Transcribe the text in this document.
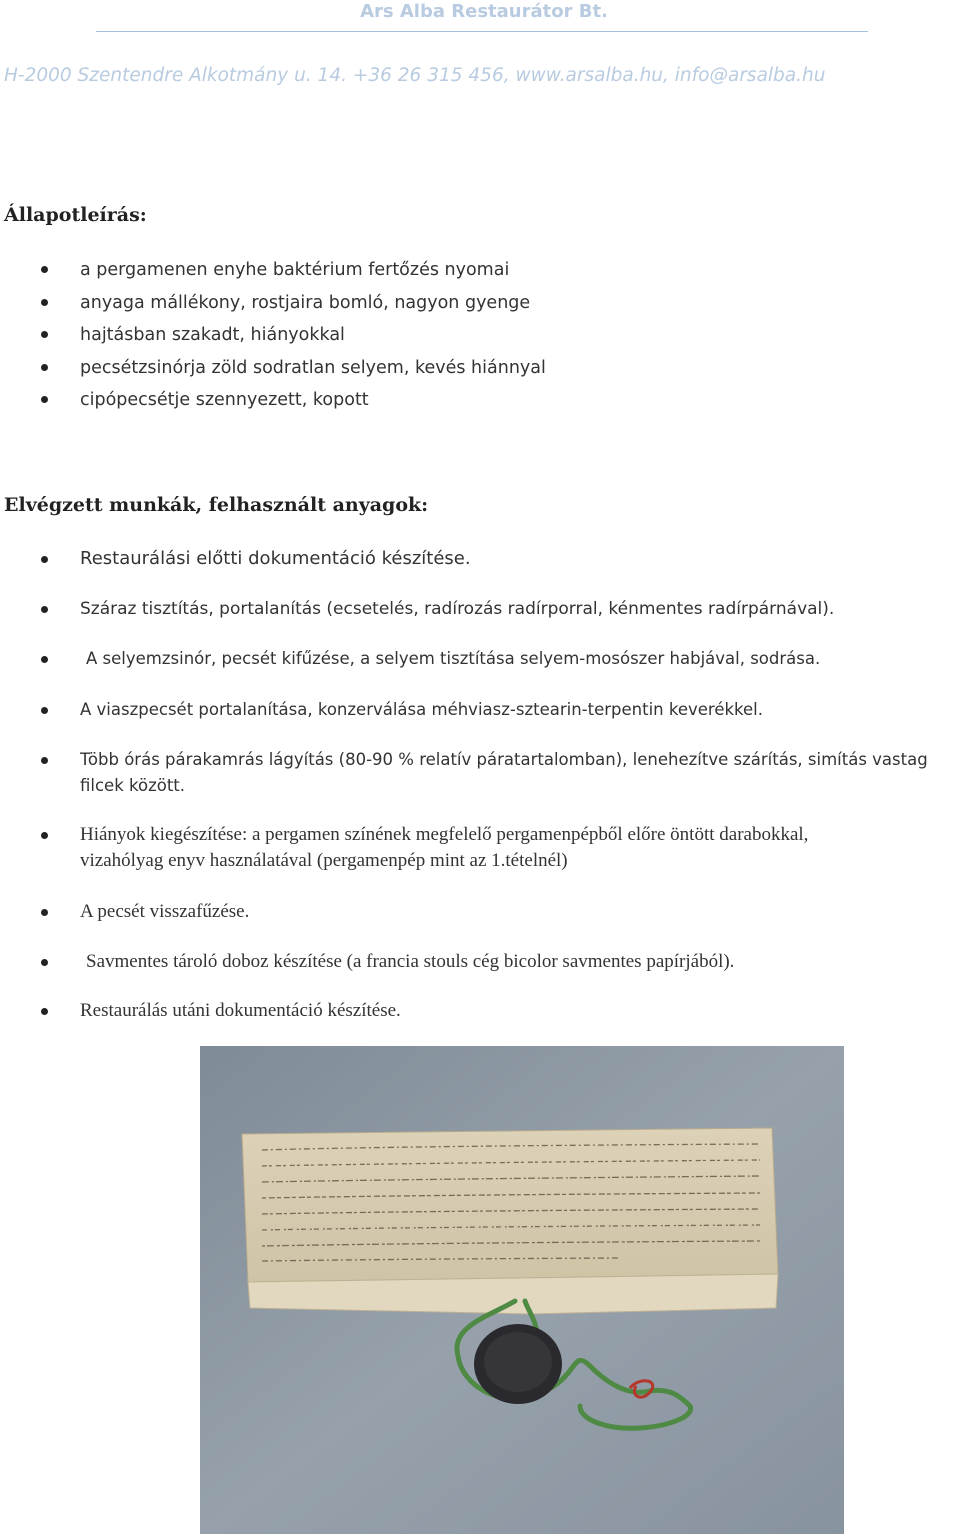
Ars Alba Restaurátor Bt.
H-2000 Szentendre Alkotmány u. 14. +36 26 315 456, www.arsalba.hu, info@arsalba.hu
Állapotleírás:
a pergamenen enyhe baktérium fertőzés nyomai
anyaga mállékony, rostjaira bomló, nagyon gyenge
hajtásban szakadt, hiányokkal
pecsétzsinórja zöld sodratlan selyem, kevés hiánnyal
cipópecsétje szennyezett, kopott
Elvégzett munkák, felhasznált anyagok:
Restaurálási előtti dokumentáció készítése.
Száraz tisztítás, portalanítás (ecsetelés, radírozás radírporral, kénmentes radírpárnával).
A selyemzsinór, pecsét kifűzése, a selyem tisztítása selyem-mosószer habjával, sodrása.
A viaszpecsét portalanítása, konzerválása méhviasz-sztearin-terpentin keverékkel.
Több órás párakamrás lágyítás (80-90 % relatív páratartalomban), lenehezítve szárítás, simítás vastag filcek között.
Hiányok kiegészítése: a pergamen színének megfelelő pergamenpépből előre öntött darabokkal, vizahólyag enyv használatával (pergamenpép mint az 1.tételnél)
A pecsét visszafűzése.
Savmentes tároló doboz készítése (a francia stouls cég bicolor savmentes papírjából).
Restaurálás utáni dokumentáció készítése.
